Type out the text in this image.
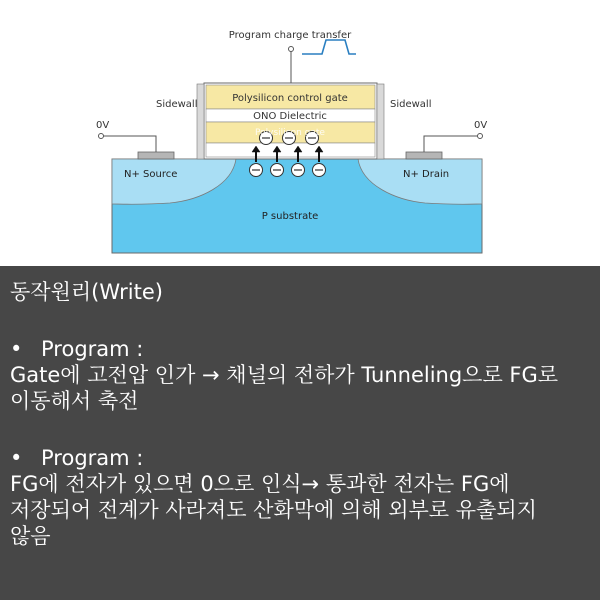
Program charge transfer
Sidewall	Sidewall
0V	0V
Polysilicon control gate
ONO Dielectric
Polysilicon gate
N+ Source	N+ Drain
P substrate
동작원리(Write)
• Program :
Gate에 고전압 인가 → 채널의 전하가 Tunneling으로 FG로
이동해서 축전
• Program :
FG에 전자가 있으면 0으로 인식→ 통과한 전자는 FG에
저장되어 전계가 사라져도 산화막에 의해 외부로 유출되지
않음
